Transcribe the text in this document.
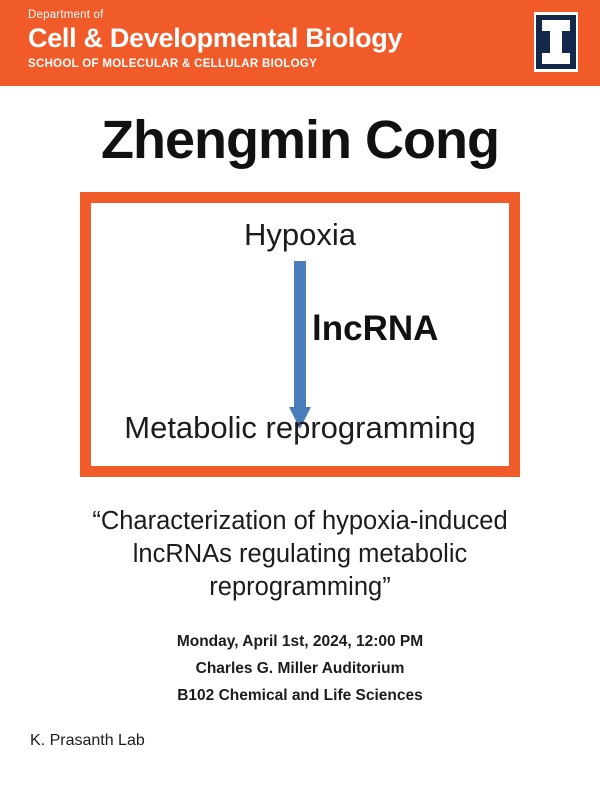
Department of
Cell & Developmental Biology
SCHOOL OF MOLECULAR & CELLULAR BIOLOGY
Zhengmin Cong
Hypoxia
lncRNA
Metabolic reprogramming
“Characterization of hypoxia-induced lncRNAs regulating metabolic reprogramming”
Monday, April 1st, 2024, 12:00 PM
Charles G. Miller Auditorium
B102 Chemical and Life Sciences
K. Prasanth Lab
